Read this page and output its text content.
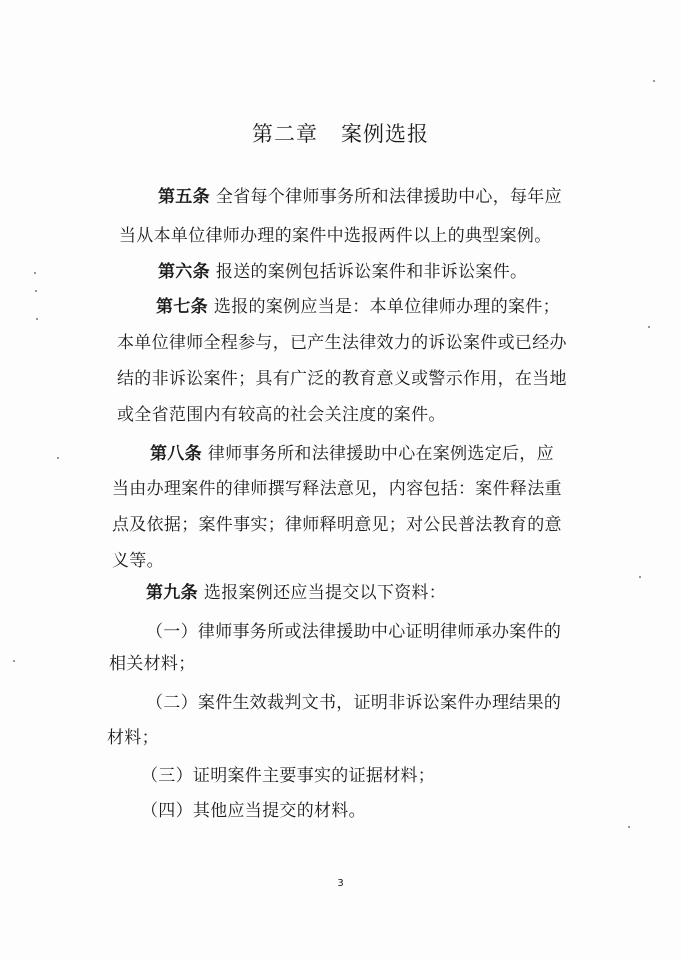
第二章   案例选报
第五条 全省每个律师事务所和法律援助中心，每年应
当从本单位律师办理的案件中选报两件以上的典型案例。
第六条 报送的案例包括诉讼案件和非诉讼案件。
第七条 选报的案例应当是：本单位律师办理的案件；
本单位律师全程参与，已产生法律效力的诉讼案件或已经办
结的非诉讼案件；具有广泛的教育意义或警示作用，在当地
或全省范围内有较高的社会关注度的案件。
第八条 律师事务所和法律援助中心在案例选定后，应
当由办理案件的律师撰写释法意见，内容包括：案件释法重
点及依据；案件事实；律师释明意见；对公民普法教育的意
义等。
第九条 选报案例还应当提交以下资料：
（一）律师事务所或法律援助中心证明律师承办案件的
相关材料；
（二）案件生效裁判文书，证明非诉讼案件办理结果的
材料；
（三）证明案件主要事实的证据材料；
（四）其他应当提交的材料。
3
